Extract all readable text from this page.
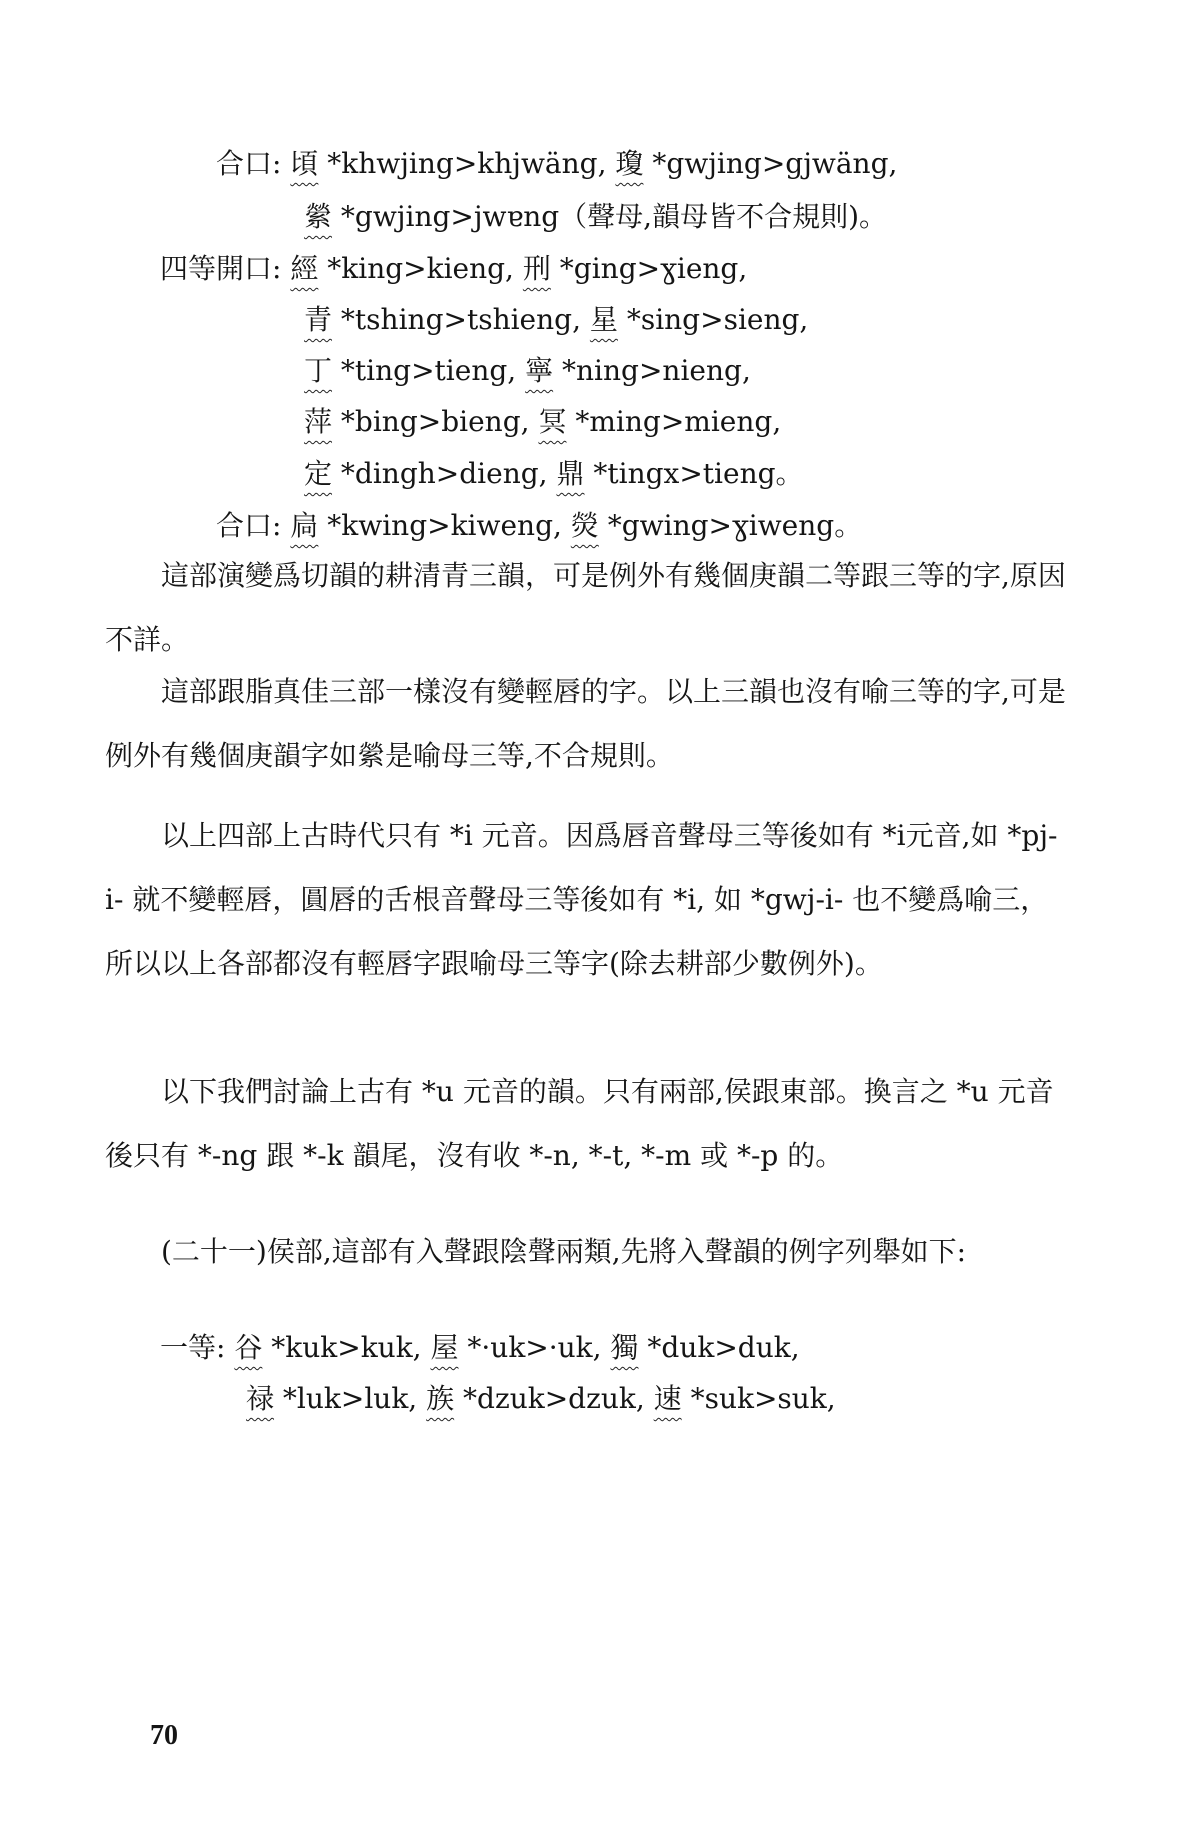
合口: 頃 *khwjing>khjwäng, 瓊 *gwjing>gjwäng,
縈 *gwjing>jwɐng（聲母,韻母皆不合規則)。
四等開口: 經 *king>kieng, 刑 *ging>ɣieng,
青 *tshing>tshieng, 星 *sing>sieng,
丁 *ting>tieng, 寧 *ning>nieng,
萍 *bing>bieng, 冥 *ming>mieng,
定 *dingh>dieng, 鼎 *tingx>tieng。
合口: 扃 *kwing>kiweng, 熒 *gwing>ɣiweng。

這部演變爲切韻的耕清青三韻，可是例外有幾個庚韻二等跟三等的字,原因不詳。

這部跟脂真佳三部一樣沒有變輕唇的字。以上三韻也沒有喻三等的字,可是例外有幾個庚韻字如縈是喻母三等,不合規則。

以上四部上古時代只有 *i 元音。因爲唇音聲母三等後如有 *i元音,如 *pj-i- 就不變輕唇，圓唇的舌根音聲母三等後如有 *i, 如 *gwj-i- 也不變爲喻三，所以以上各部都沒有輕唇字跟喻母三等字(除去耕部少數例外)。

以下我們討論上古有 *u 元音的韻。只有兩部,侯跟東部。換言之 *u 元音後只有 *-ng 跟 *-k 韻尾，沒有收 *-n, *-t, *-m 或 *-p 的。

(二十一)侯部,這部有入聲跟陰聲兩類,先將入聲韻的例字列舉如下:

一等: 谷 *kuk>kuk, 屋 *·uk>·uk, 獨 *duk>duk,
禄 *luk>luk, 族 *dzuk>dzuk, 速 *suk>suk,
70
